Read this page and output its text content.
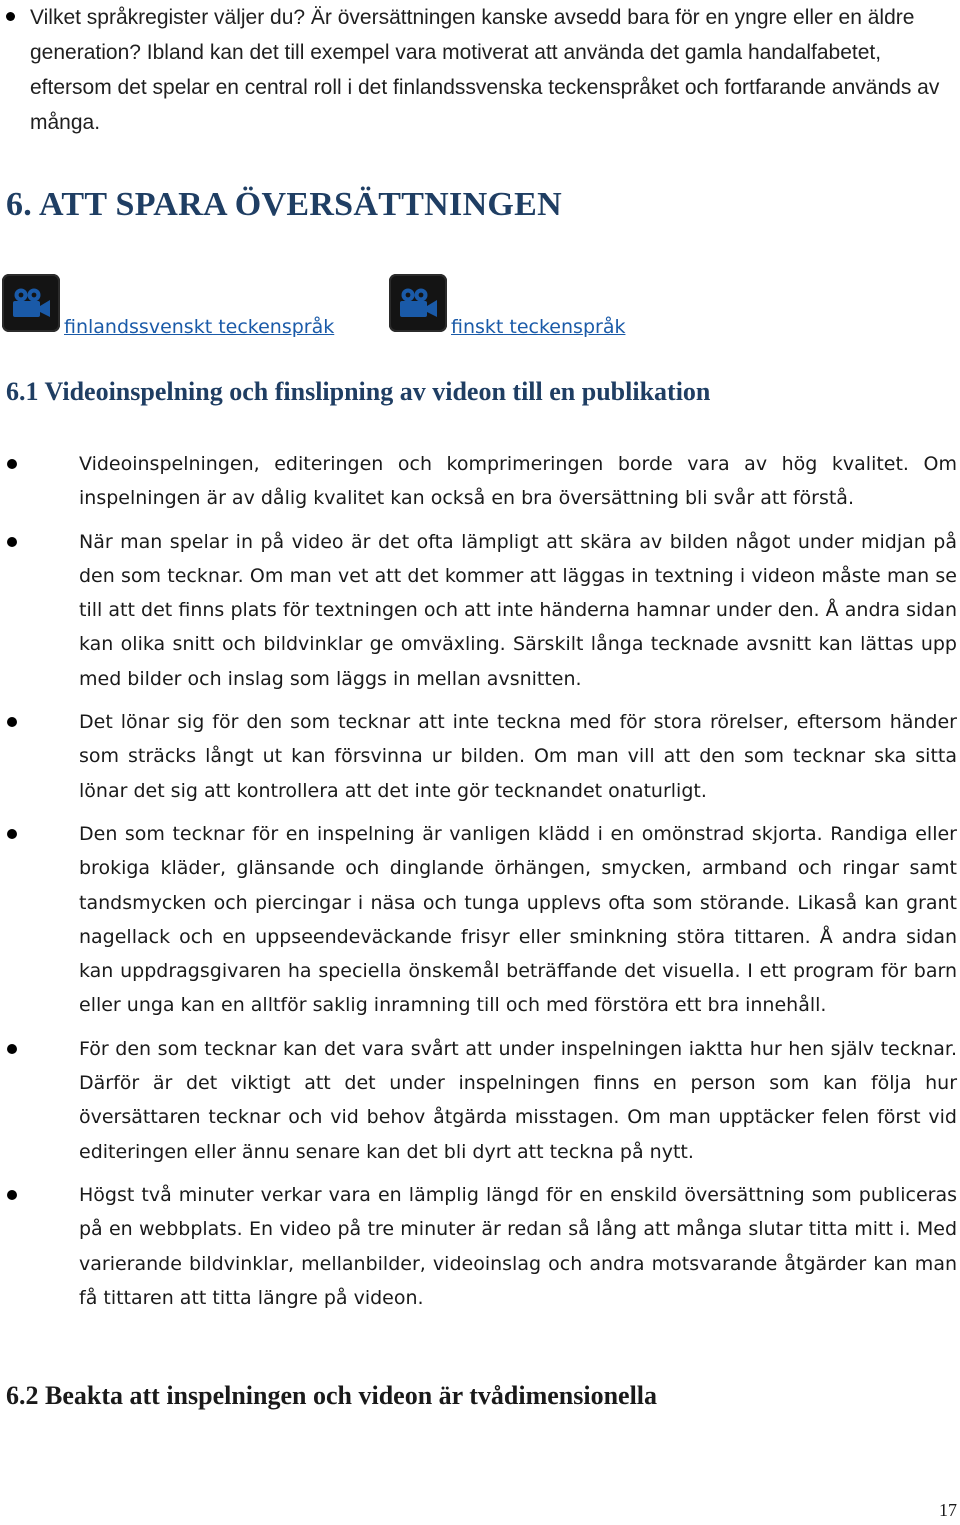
Vilket språkregister väljer du? Är översättningen kanske avsedd bara för en yngre eller en äldre generation? Ibland kan det till exempel vara motiverat att använda det gamla handalfabetet, eftersom det spelar en central roll i det finlandssvenska teckenspråket och fortfarande används av många.
6. ATT SPARA ÖVERSÄTTNINGEN
finlandssvenskt teckenspråk	finskt teckenspråk
6.1 Videoinspelning och finslipning av videon till en publikation
Videoinspelningen, editeringen och komprimeringen borde vara av hög kvalitet. Om inspelningen är av dålig kvalitet kan också en bra översättning bli svår att förstå.
När man spelar in på video är det ofta lämpligt att skära av bilden något under midjan på den som tecknar. Om man vet att det kommer att läggas in textning i videon måste man se till att det finns plats för textningen och att inte händerna hamnar under den. Å andra sidan kan olika snitt och bildvinklar ge omväxling. Särskilt långa tecknade avsnitt kan lättas upp med bilder och inslag som läggs in mellan avsnitten.
Det lönar sig för den som tecknar att inte teckna med för stora rörelser, eftersom händer som sträcks långt ut kan försvinna ur bilden. Om man vill att den som tecknar ska sitta lönar det sig att kontrollera att det inte gör tecknandet onaturligt.
Den som tecknar för en inspelning är vanligen klädd i en omönstrad skjorta. Randiga eller brokiga kläder, glänsande och dinglande örhängen, smycken, armband och ringar samt tandsmycken och piercingar i näsa och tunga upplevs ofta som störande. Likaså kan grant nagellack och en uppseendeväckande frisyr eller sminkning störa tittaren. Å andra sidan kan uppdragsgivaren ha speciella önskemål beträffande det visuella. I ett program för barn eller unga kan en alltför saklig inramning till och med förstöra ett bra innehåll.
För den som tecknar kan det vara svårt att under inspelningen iaktta hur hen själv tecknar. Därför är det viktigt att det under inspelningen finns en person som kan följa hur översättaren tecknar och vid behov åtgärda misstagen. Om man upptäcker felen först vid editeringen eller ännu senare kan det bli dyrt att teckna på nytt.
Högst två minuter verkar vara en lämplig längd för en enskild översättning som publiceras på en webbplats. En video på tre minuter är redan så lång att många slutar titta mitt i. Med varierande bildvinklar, mellanbilder, videoinslag och andra motsvarande åtgärder kan man få tittaren att titta längre på videon.
6.2 Beakta att inspelningen och videon är tvådimensionella
17
